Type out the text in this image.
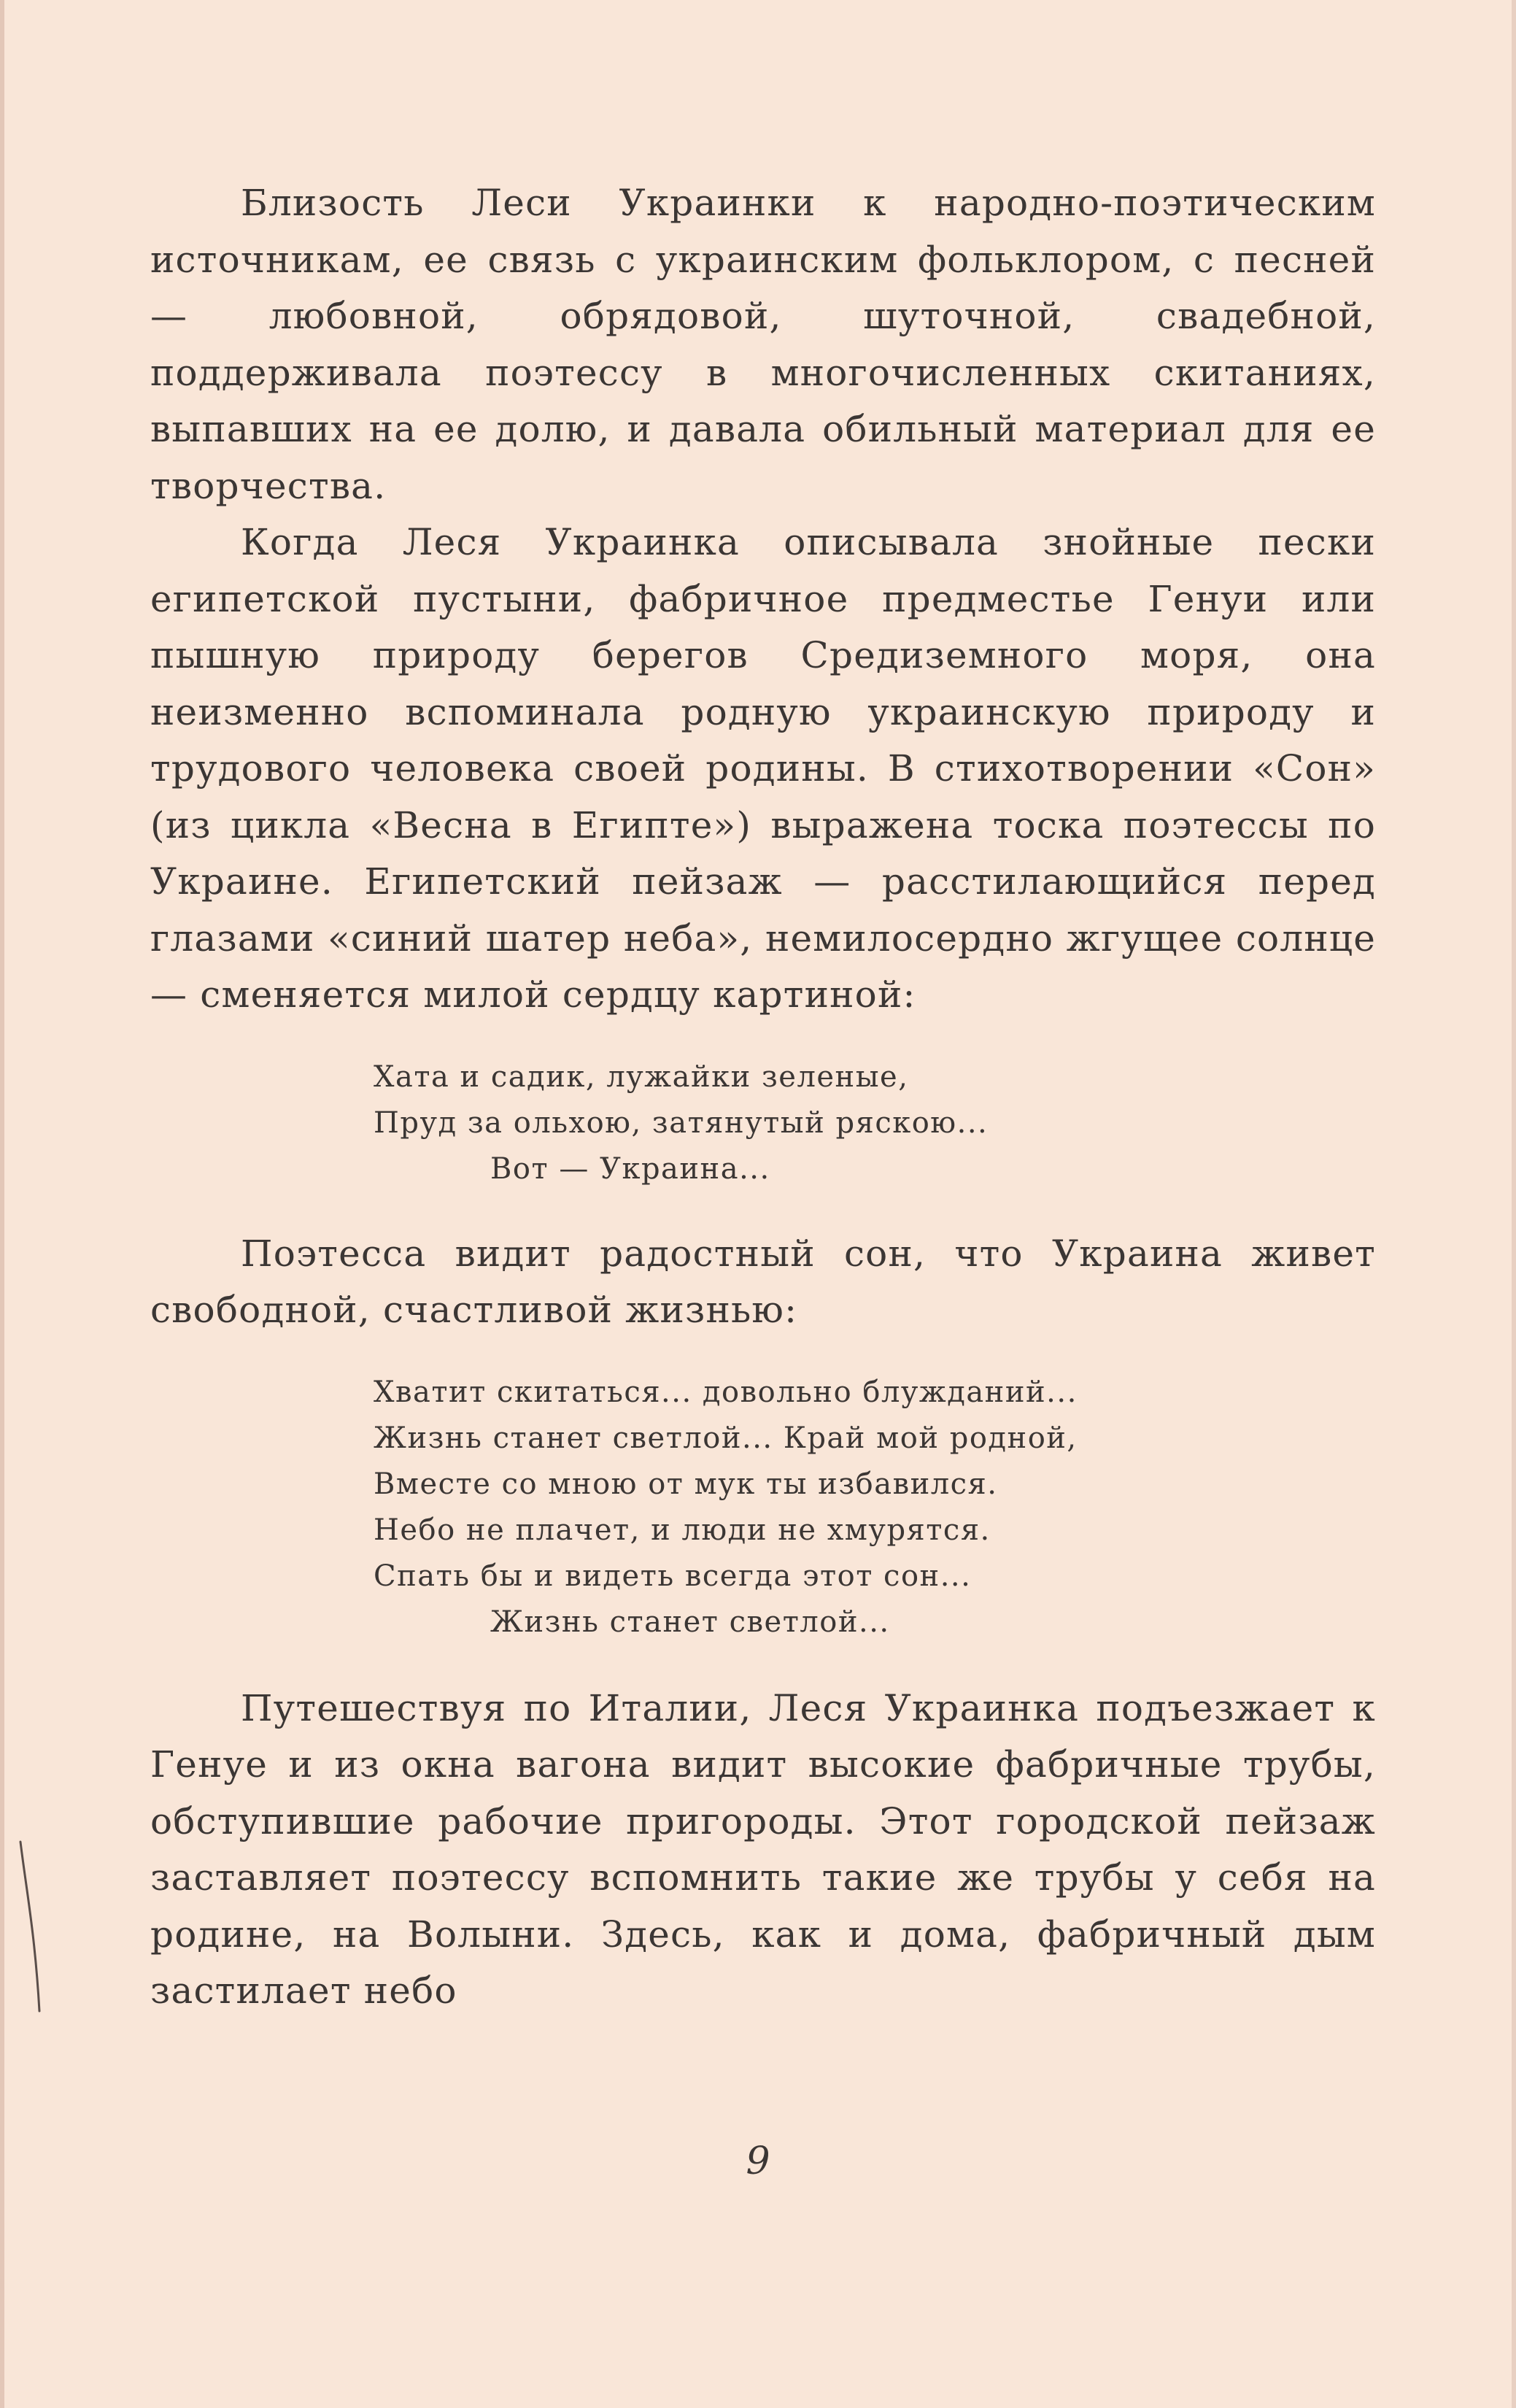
Близость Леси Украинки к народно-поэтическим источникам, ее связь с украинским фольклором, с песней — любовной, обрядовой, шуточной, свадебной, поддерживала поэтессу в многочисленных скитаниях, выпавших на ее долю, и давала обильный материал для ее творчества.

Когда Леся Украинка описывала знойные пески египетской пустыни, фабричное предместье Генуи или пышную природу берегов Средиземного моря, она неизменно вспоминала родную украинскую природу и трудового человека своей родины. В стихотворении «Сон» (из цикла «Весна в Египте») выражена тоска поэтессы по Украине. Египетский пейзаж — расстилающийся перед глазами «синий шатер неба», немилосердно жгущее солнце — сменяется милой сердцу картиной:

Хата и садик, лужайки зеленые,
Пруд за ольхою, затянутый ряскою...
Вот — Украина...

Поэтесса видит радостный сон, что Украина живет свободной, счастливой жизнью:

Хватит скитаться... довольно блужданий...
Жизнь станет светлой... Край мой родной,
Вместе со мною от мук ты избавился.
Небо не плачет, и люди не хмурятся.
Спать бы и видеть всегда этот сон...
Жизнь станет светлой...

Путешествуя по Италии, Леся Украинка подъезжает к Генуе и из окна вагона видит высокие фабричные трубы, обступившие рабочие пригороды. Этот городской пейзаж заставляет поэтессу вспомнить такие же трубы у себя на родине, на Волыни. Здесь, как и дома, фабричный дым застилает небо

9
